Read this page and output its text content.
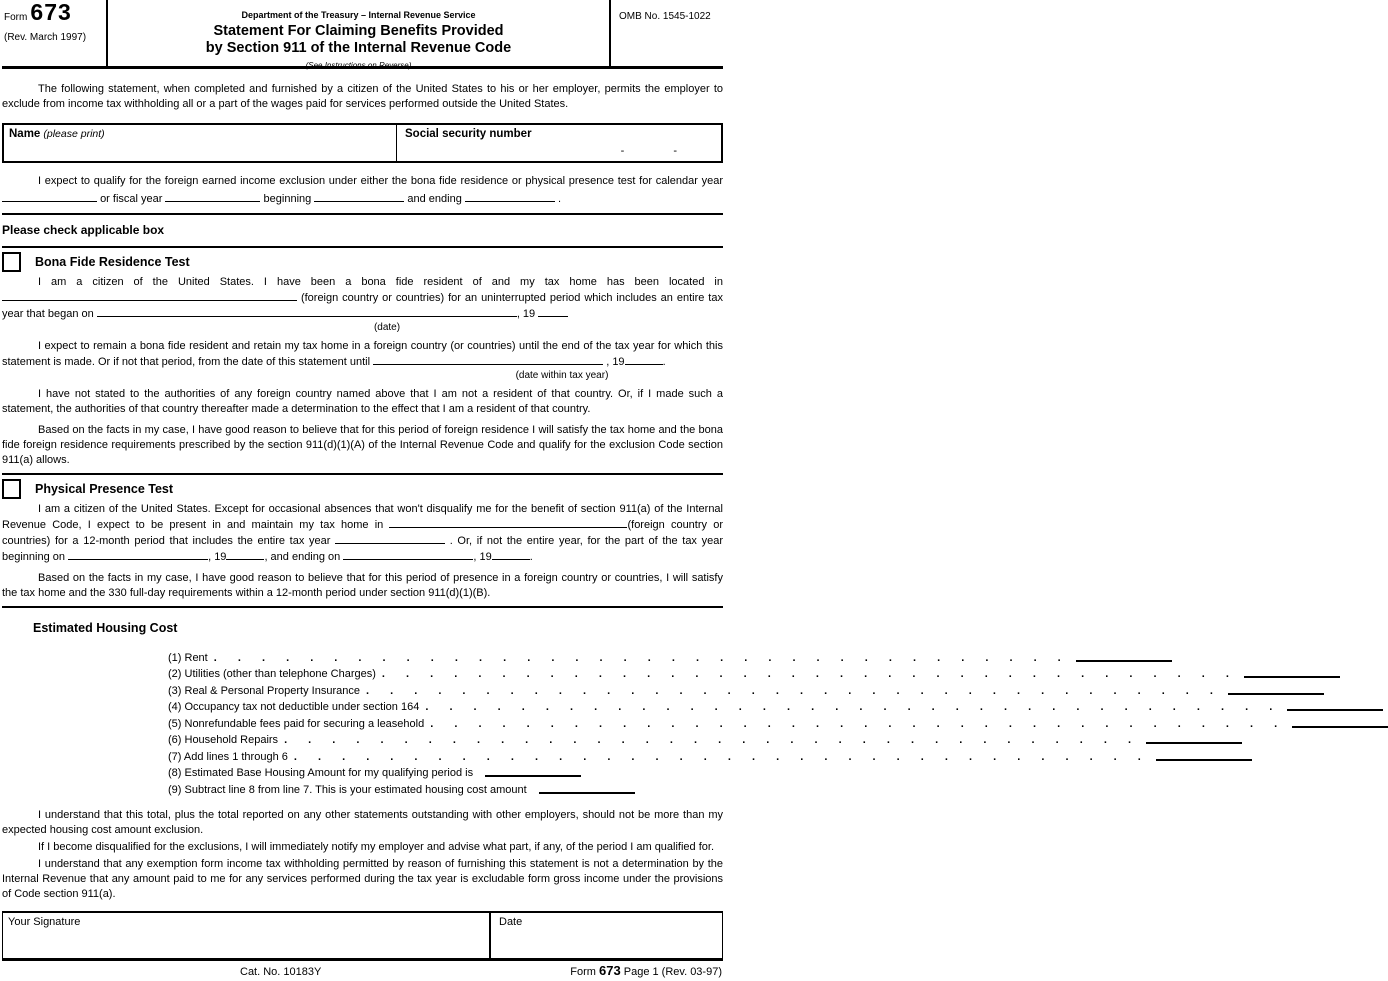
Form 673
(Rev. March 1997)
Department of the Treasury – Internal Revenue Service
Statement For Claiming Benefits Provided
by Section 911 of the Internal Revenue Code
(See Instructions on Reverse)
OMB No. 1545-1022

The following statement, when completed and furnished by a citizen of the United States to his or her employer, permits the employer to exclude from income tax withholding all or a part of the wages paid for services performed outside the United States.

Name (please print)	Social security number
- -

I expect to qualify for the foreign earned income exclusion under either the bona fide residence or physical presence test for calendar year  or fiscal year	beginning	and ending	.

Please check applicable box
Bona Fide Residence Test

I am a citizen of the United States. I have been a bona fide resident of and my tax home has been located in  (foreign country or countries) for an uninterrupted period which includes an entire tax year that began on	, 19

(date)

I expect to remain a bona fide resident and retain my tax home in a foreign country (or countries) until the end of the tax year for which this statement is made. Or if not that period, from the date of this statement until	, 19	.

(date within tax year)

I have not stated to the authorities of any foreign country named above that I am not a resident of that country. Or, if I made such a statement, the authorities of that country thereafter made a determination to the effect that I am a resident of that country.

Based on the facts in my case, I have good reason to believe that for this period of foreign residence I will satisfy the tax home and the bona fide foreign residence requirements prescribed by the section 911(d)(1)(A) of the Internal Revenue Code and qualify for the exclusion Code section 911(a) allows.

Physical Presence Test

I am a citizen of the United States. Except for occasional absences that won't disqualify me for the benefit of section 911(a) of the Internal Revenue Code, I expect to be present in and maintain my tax home in	(foreign country or countries) for a 12-month period that includes the entire tax year	. Or, if not the entire year, for the part of the tax year beginning on	, 19	, and ending on	, 19	.

Based on the facts in my case, I have good reason to believe that for this period of presence in a foreign country or countries, I will satisfy the tax home and the 330 full-day requirements within a 12-month period under section 911(d)(1)(B).

Estimated Housing Cost
(1) Rent
. . .
(2) Utilities (other than telephone Charges)
. . .
(3) Real & Personal Property Insurance
. . .
(4) Occupancy tax not deductible under section 164
. . .
(5) Nonrefundable fees paid for securing a leasehold
. . .
(6) Household Repairs
. . .
(7) Add lines 1 through 6
. . .
(8) Estimated Base Housing Amount for my qualifying period is
(9) Subtract line 8 from line 7. This is your estimated housing cost amount

I understand that this total, plus the total reported on any other statements outstanding with other employers, should not be more than my expected housing cost amount exclusion.

If I become disqualified for the exclusions, I will immediately notify my employer and advise what part, if any, of the period I am qualified for.

I understand that any exemption form income tax withholding permitted by reason of furnishing this statement is not a determination by the Internal Revenue that any amount paid to me for any services performed during the tax year is excludable form gross income under the provisions of Code section 911(a).

Your Signature	Date
Cat. No. 10183Y	Form 673 Page 1 (Rev. 03-97)
